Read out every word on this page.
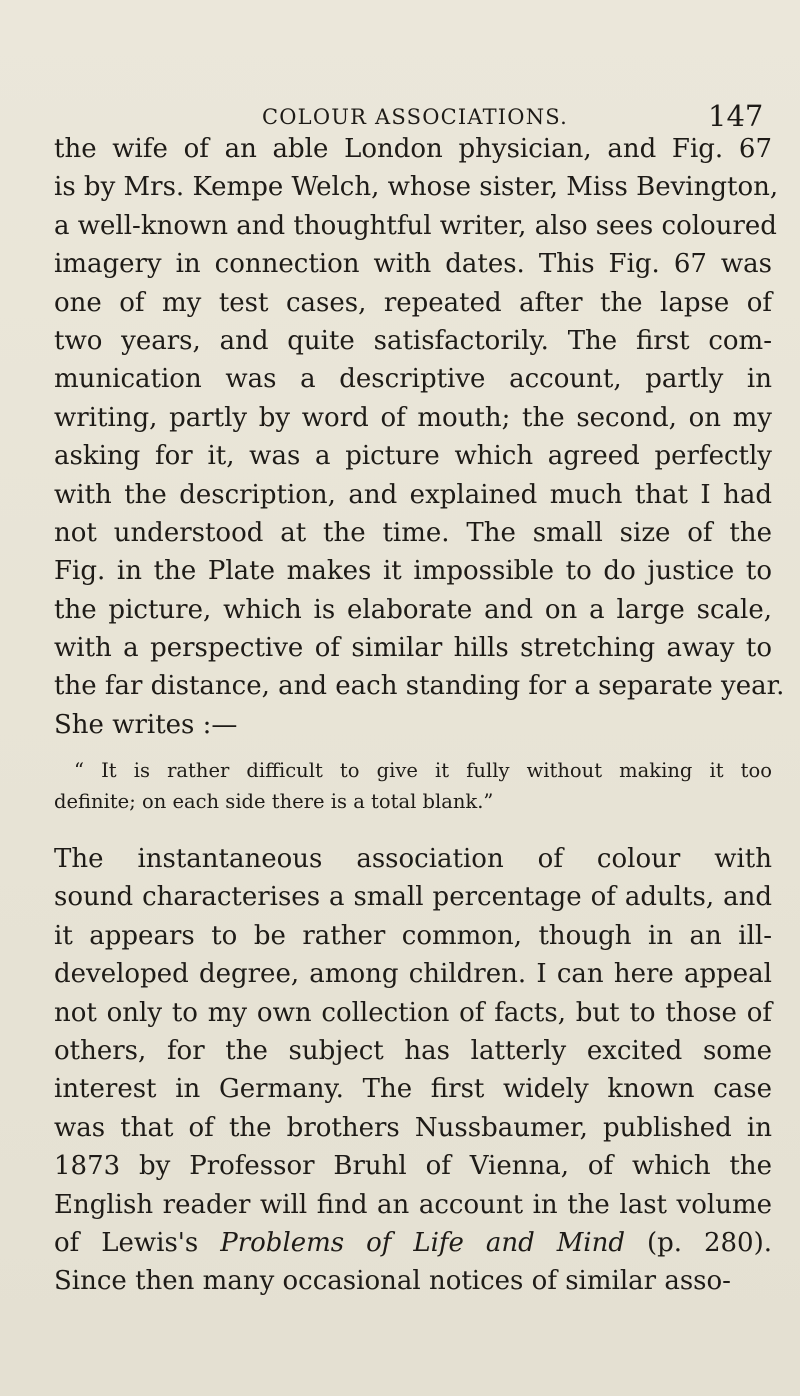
COLOUR ASSOCIATIONS.	147
the wife of an able London physician, and Fig. 67
is by Mrs. Kempe Welch, whose sister, Miss Bevington,
a well-known and thoughtful writer, also sees coloured
imagery in connection with dates. This Fig. 67 was
one of my test cases, repeated after the lapse of
two years, and quite satisfactorily. The first com-
munication was a descriptive account, partly in
writing, partly by word of mouth; the second, on my
asking for it, was a picture which agreed perfectly
with the description, and explained much that I had
not understood at the time. The small size of the
Fig. in the Plate makes it impossible to do justice to
the picture, which is elaborate and on a large scale,
with a perspective of similar hills stretching away to
the far distance, and each standing for a separate year.
She writes :—
“ It is rather difficult to give it fully without making it too
definite; on each side there is a total blank.”
The instantaneous association of colour with
sound characterises a small percentage of adults, and
it appears to be rather common, though in an ill-
developed degree, among children. I can here appeal
not only to my own collection of facts, but to those of
others, for the subject has latterly excited some
interest in Germany. The first widely known case
was that of the brothers Nussbaumer, published in
1873 by Professor Bruhl of Vienna, of which the
English reader will find an account in the last volume
of Lewis's Problems of Life and Mind (p. 280).
Since then many occasional notices of similar asso-
